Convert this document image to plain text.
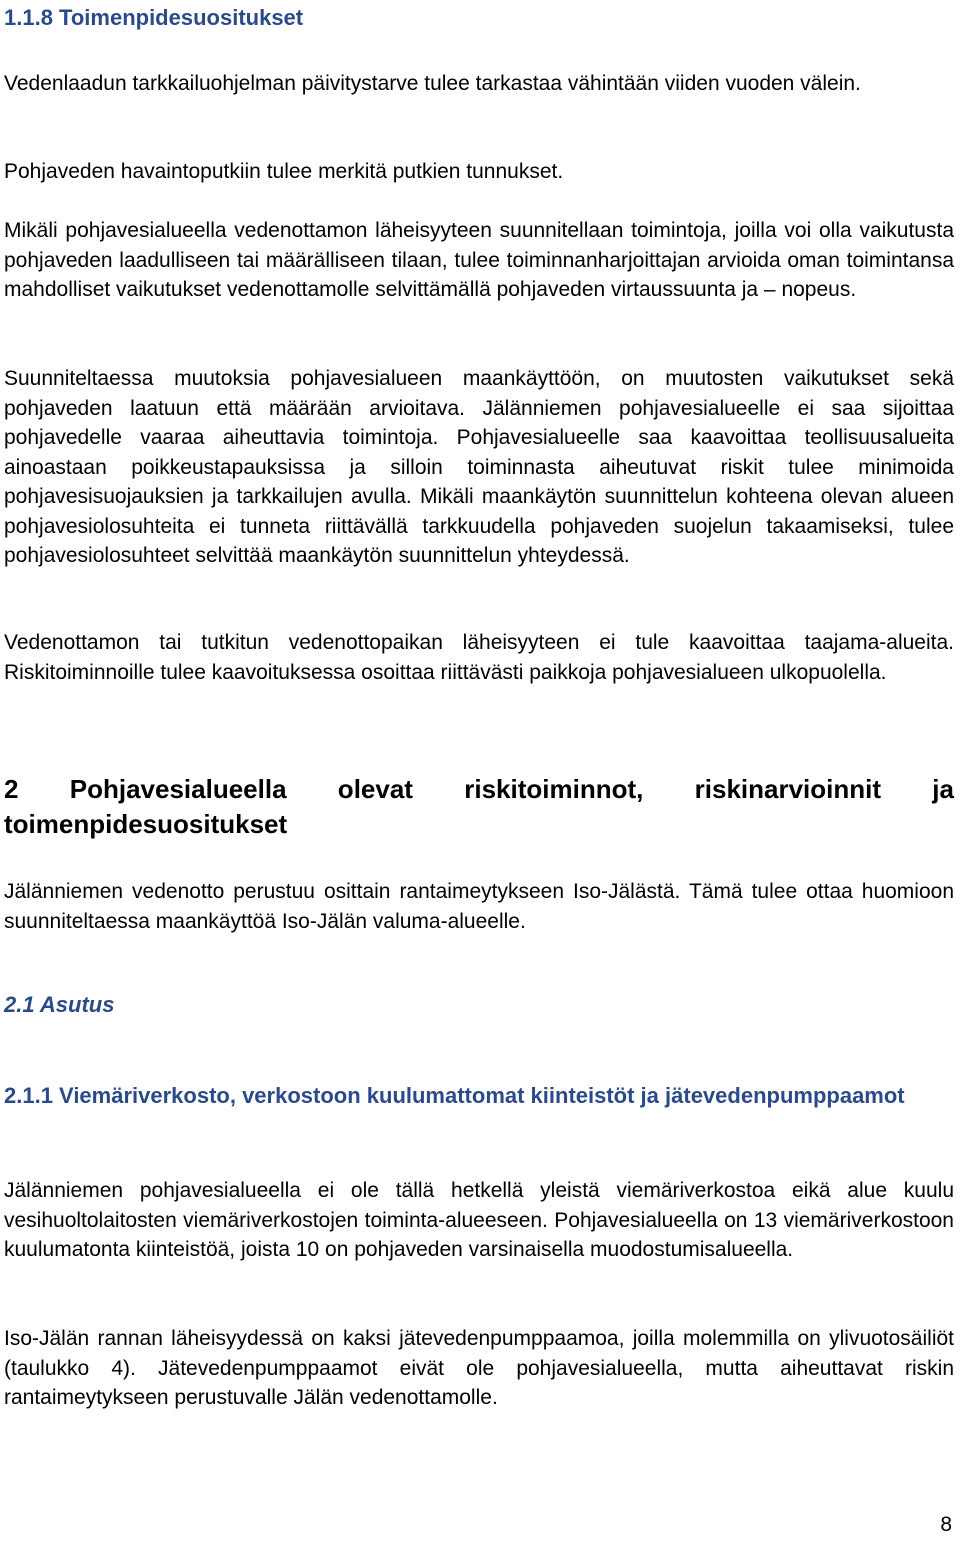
1.1.8 Toimenpidesuositukset

Vedenlaadun tarkkailuohjelman päivitystarve tulee tarkastaa vähintään viiden vuoden välein.

Pohjaveden havaintoputkiin tulee merkitä putkien tunnukset.

Mikäli pohjavesialueella vedenottamon läheisyyteen suunnitellaan toimintoja, joilla voi olla vaikutusta pohjaveden laadulliseen tai määrälliseen tilaan, tulee toiminnanharjoittajan arvioida oman toimintansa mahdolliset vaikutukset vedenottamolle selvittämällä pohjaveden virtaussuunta ja – nopeus.

Suunniteltaessa muutoksia pohjavesialueen maankäyttöön, on muutosten vaikutukset sekä pohjaveden laatuun että määrään arvioitava. Jälänniemen pohjavesialueelle ei saa sijoittaa pohjavedelle vaaraa aiheuttavia toimintoja. Pohjavesialueelle saa kaavoittaa teollisuusalueita ainoastaan poikkeustapauksissa ja silloin toiminnasta aiheutuvat riskit tulee minimoida pohjavesisuojauksien ja tarkkailujen avulla. Mikäli maankäytön suunnittelun kohteena olevan alueen pohjavesiolosuhteita ei tunneta riittävällä tarkkuudella pohjaveden suojelun takaamiseksi, tulee pohjavesiolosuhteet selvittää maankäytön suunnittelun yhteydessä.

Vedenottamon tai tutkitun vedenottopaikan läheisyyteen ei tule kaavoittaa taajama-alueita. Riskitoiminnoille tulee kaavoituksessa osoittaa riittävästi paikkoja pohjavesialueen ulkopuolella.

2 Pohjavesialueella olevat riskitoiminnot, riskinarvioinnit ja toimenpidesuositukset

Jälänniemen vedenotto perustuu osittain rantaimeytykseen Iso-Jälästä. Tämä tulee ottaa huomioon suunniteltaessa maankäyttöä Iso-Jälän valuma-alueelle.

2.1 Asutus
2.1.1 Viemäriverkosto, verkostoon kuulumattomat kiinteistöt ja jätevedenpumppaamot

Jälänniemen pohjavesialueella ei ole tällä hetkellä yleistä viemäriverkostoa eikä alue kuulu vesihuoltolaitosten viemäriverkostojen toiminta-alueeseen. Pohjavesialueella on 13 viemäriverkostoon kuulumatonta kiinteistöä, joista 10 on pohjaveden varsinaisella muodostumisalueella.

Iso-Jälän rannan läheisyydessä on kaksi jätevedenpumppaamoa, joilla molemmilla on ylivuotosäiliöt (taulukko 4). Jätevedenpumppaamot eivät ole pohjavesialueella, mutta aiheuttavat riskin rantaimeytykseen perustuvalle Jälän vedenottamolle.

8
